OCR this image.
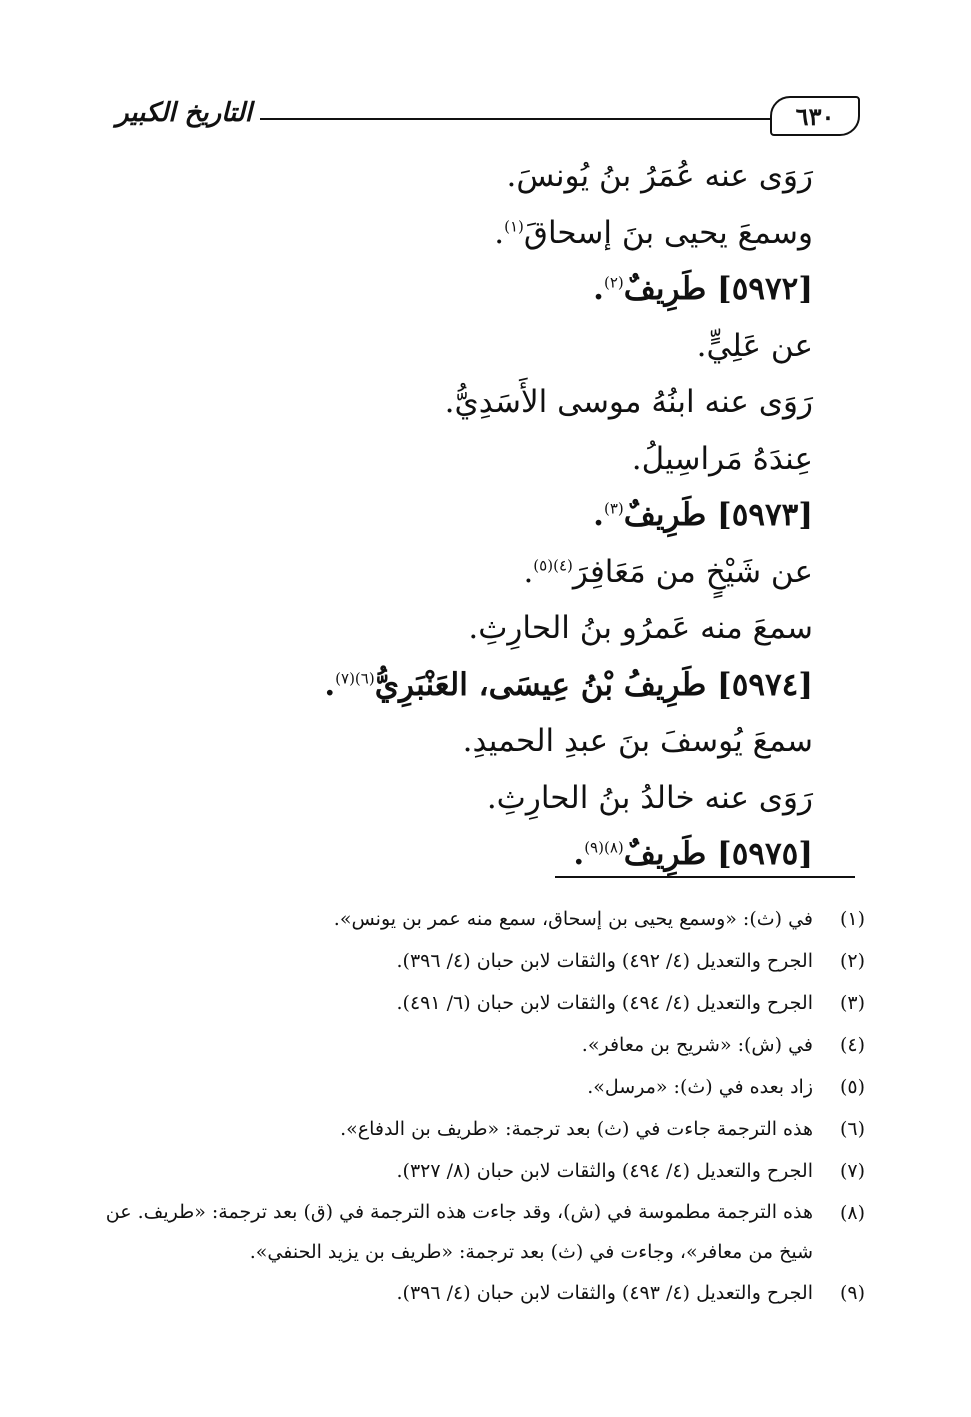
٦٣٠
التاريخ الكبير
رَوَى عنه عُمَرُ بنُ يُونسَ.
وسمعَ يحيى بنَ إسحاقَ$^{(١)}$.
[٥٩٧٢] طَرِيفٌ$^{(٢)}$.
عن عَلِيٍّ.
رَوَى عنه ابنُهُ موسى الأَسَدِيُّ.
عِندَهُ مَراسِيلُ.
[٥٩٧٣] طَرِيفٌ$^{(٣)}$.
عن شَيْخٍ من مَعَافِرَ$^{(٤)(٥)}$.
سمعَ منه عَمرُو بنُ الحارِثِ.
[٥٩٧٤] طَرِيفُ بْنُ عِيسَى، العَنْبَرِيُّ$^{(٦)(٧)}$.
سمعَ يُوسفَ بنَ عبدِ الحميدِ.
رَوَى عنه خالدُ بنُ الحارِثِ.
[٥٩٧٥] طَرِيفٌ$^{(٨)(٩)}$.
(١)
في (ث): «وسمع يحيى بن إسحاق، سمع منه عمر بن يونس».
(٢)
الجرح والتعديل (٤/ ٤٩٢) والثقات لابن حبان (٤/ ٣٩٦).
(٣)
الجرح والتعديل (٤/ ٤٩٤) والثقات لابن حبان (٦/ ٤٩١).
(٤)
في (ش): «شريح بن معافر».
(٥)
زاد بعده في (ث): «مرسل».
(٦)
هذه الترجمة جاءت في (ث) بعد ترجمة: «طريف بن الدفاع».
(٧)
الجرح والتعديل (٤/ ٤٩٤) والثقات لابن حبان (٨/ ٣٢٧).
(٨)
هذه الترجمة مطموسة في (ش)، وقد جاءت هذه الترجمة في (ق) بعد ترجمة: «طريف. عن شيخ من معافر»، وجاءت في (ث) بعد ترجمة: «طريف بن يزيد الحنفي».
(٩)
الجرح والتعديل (٤/ ٤٩٣) والثقات لابن حبان (٤/ ٣٩٦).
